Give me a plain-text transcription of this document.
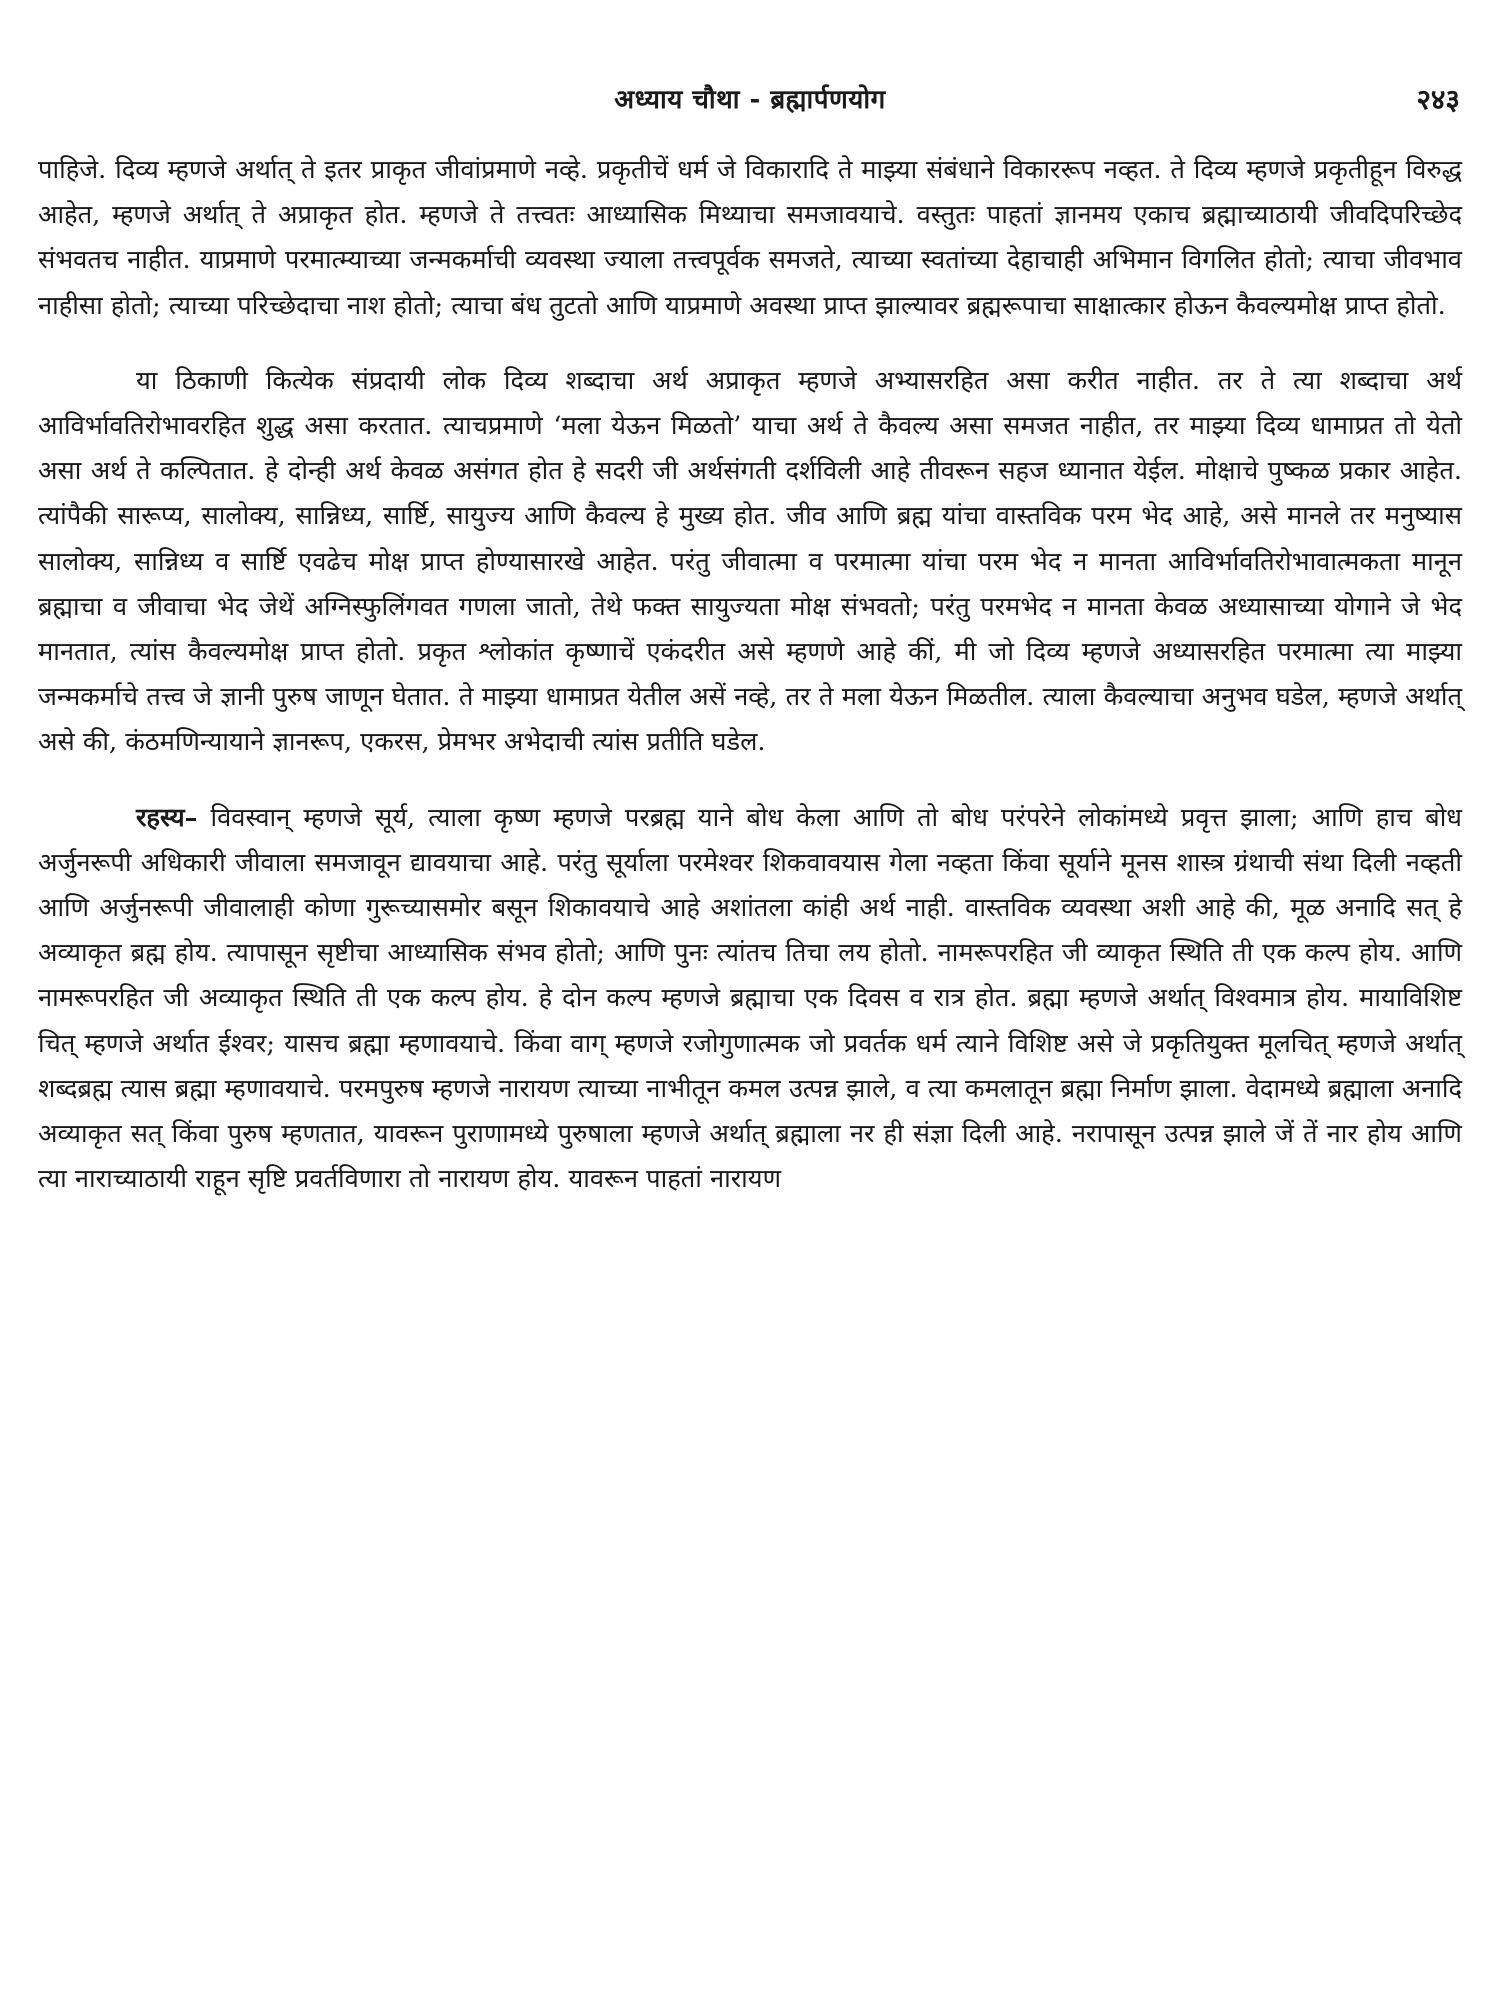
अध्याय चौथा - ब्रह्मार्पणयोग	२४३

पाहिजे. दिव्य म्हणजे अर्थात् ते इतर प्राकृत जीवांप्रमाणे नव्हे. प्रकृतीचें धर्म जे विकारादि ते माझ्या संबंधाने विकाररूप नव्हत. ते दिव्य म्हणजे प्रकृतीहून विरुद्ध आहेत, म्हणजे अर्थात् ते अप्राकृत होत. म्हणजे ते तत्त्वतः आध्यासिक मिथ्याचा समजावयाचे. वस्तुतः पाहतां ज्ञानमय एकाच ब्रह्माच्याठायी जीवदिपरिच्छेद संभवतच नाहीत. याप्रमाणे परमात्म्याच्या जन्मकर्माची व्यवस्था ज्याला तत्त्वपूर्वक समजते, त्याच्या स्वतांच्या देहाचाही अभिमान विगलित होतो; त्याचा जीवभाव नाहीसा होतो; त्याच्या परिच्छेदाचा नाश होतो; त्याचा बंध तुटतो आणि याप्रमाणे अवस्था प्राप्त झाल्यावर ब्रह्मरूपाचा साक्षात्कार होऊन कैवल्यमोक्ष प्राप्त होतो.

या ठिकाणी कित्येक संप्रदायी लोक दिव्य शब्दाचा अर्थ अप्राकृत म्हणजे अभ्यासरहित असा करीत नाहीत. तर ते त्या शब्दाचा अर्थ आविर्भावतिरोभावरहित शुद्ध असा करतात. त्याचप्रमाणे ‘मला येऊन मिळतो’ याचा अर्थ ते कैवल्य असा समजत नाहीत, तर माझ्या दिव्य धामाप्रत तो येतो असा अर्थ ते कल्पितात. हे दोन्ही अर्थ केवळ असंगत होत हे सदरी जी अर्थसंगती दर्शविली आहे तीवरून सहज ध्यानात येईल. मोक्षाचे पुष्कळ प्रकार आहेत. त्यांपैकी सारूप्य, सालोक्य, सान्निध्य, सार्ष्टि, सायुज्य आणि कैवल्य हे मुख्य होत. जीव आणि ब्रह्म यांचा वास्तविक परम भेद आहे, असे मानले तर मनुष्यास सालोक्य, सान्निध्य व सार्ष्टि एवढेच मोक्ष प्राप्त होण्यासारखे आहेत. परंतु जीवात्मा व परमात्मा यांचा परम भेद न मानता आविर्भावतिरोभावात्मकता मानून ब्रह्माचा व जीवाचा भेद जेथें अग्निस्फुलिंगवत गणला जातो, तेथे फक्त सायुज्यता मोक्ष संभवतो; परंतु परमभेद न मानता केवळ अध्यासाच्या योगाने जे भेद मानतात, त्यांस कैवल्यमोक्ष प्राप्त होतो. प्रकृत श्लोकांत कृष्णाचें एकंदरीत असे म्हणणे आहे कीं, मी जो दिव्य म्हणजे अध्यासरहित परमात्मा त्या माझ्या जन्मकर्माचे तत्त्व जे ज्ञानी पुरुष जाणून घेतात. ते माझ्या धामाप्रत येतील असें नव्हे, तर ते मला येऊन मिळतील. त्याला कैवल्याचा अनुभव घडेल, म्हणजे अर्थात् असे की, कंठमणिन्यायाने ज्ञानरूप, एकरस, प्रेमभर अभेदाची त्यांस प्रतीति घडेल.

रहस्य– विवस्वान् म्हणजे सूर्य, त्याला कृष्ण म्हणजे परब्रह्म याने बोध केला आणि तो बोध परंपरेने लोकांमध्ये प्रवृत्त झाला; आणि हाच बोध अर्जुनरूपी अधिकारी जीवाला समजावून द्यावयाचा आहे. परंतु सूर्याला परमेश्वर शिकवावयास गेला नव्हता किंवा सूर्याने मूनस शास्त्र ग्रंथाची संथा दिली नव्हती आणि अर्जुनरूपी जीवालाही कोणा गुरूच्यासमोर बसून शिकावयाचे आहे अशांतला कांही अर्थ नाही. वास्तविक व्यवस्था अशी आहे की, मूळ अनादि सत् हे अव्याकृत ब्रह्म होय. त्यापासून सृष्टीचा आध्यासिक संभव होतो; आणि पुनः त्यांतच तिचा लय होतो. नामरूपरहित जी व्याकृत स्थिति ती एक कल्प होय. आणि नामरूपरहित जी अव्याकृत स्थिति ती एक कल्प होय. हे दोन कल्प म्हणजे ब्रह्माचा एक दिवस व रात्र होत. ब्रह्मा म्हणजे अर्थात् विश्वमात्र होय. मायाविशिष्ट चित् म्हणजे अर्थात ईश्वर; यासच ब्रह्मा म्हणावयाचे. किंवा वाग् म्हणजे रजोगुणात्मक जो प्रवर्तक धर्म त्याने विशिष्ट असे जे प्रकृतियुक्त मूलचित् म्हणजे अर्थात् शब्दब्रह्म त्यास ब्रह्मा म्हणावयाचे. परमपुरुष म्हणजे नारायण त्याच्या नाभीतून कमल उत्पन्न झाले, व त्या कमलातून ब्रह्मा निर्माण झाला. वेदामध्ये ब्रह्माला अनादि अव्याकृत सत् किंवा पुरुष म्हणतात, यावरून पुराणामध्ये पुरुषाला म्हणजे अर्थात् ब्रह्माला नर ही संज्ञा दिली आहे. नरापासून उत्पन्न झाले जें तें नार होय आणि त्या नाराच्याठायी राहून सृष्टि प्रवर्तविणारा तो नारायण होय. यावरून पाहतां नारायण
